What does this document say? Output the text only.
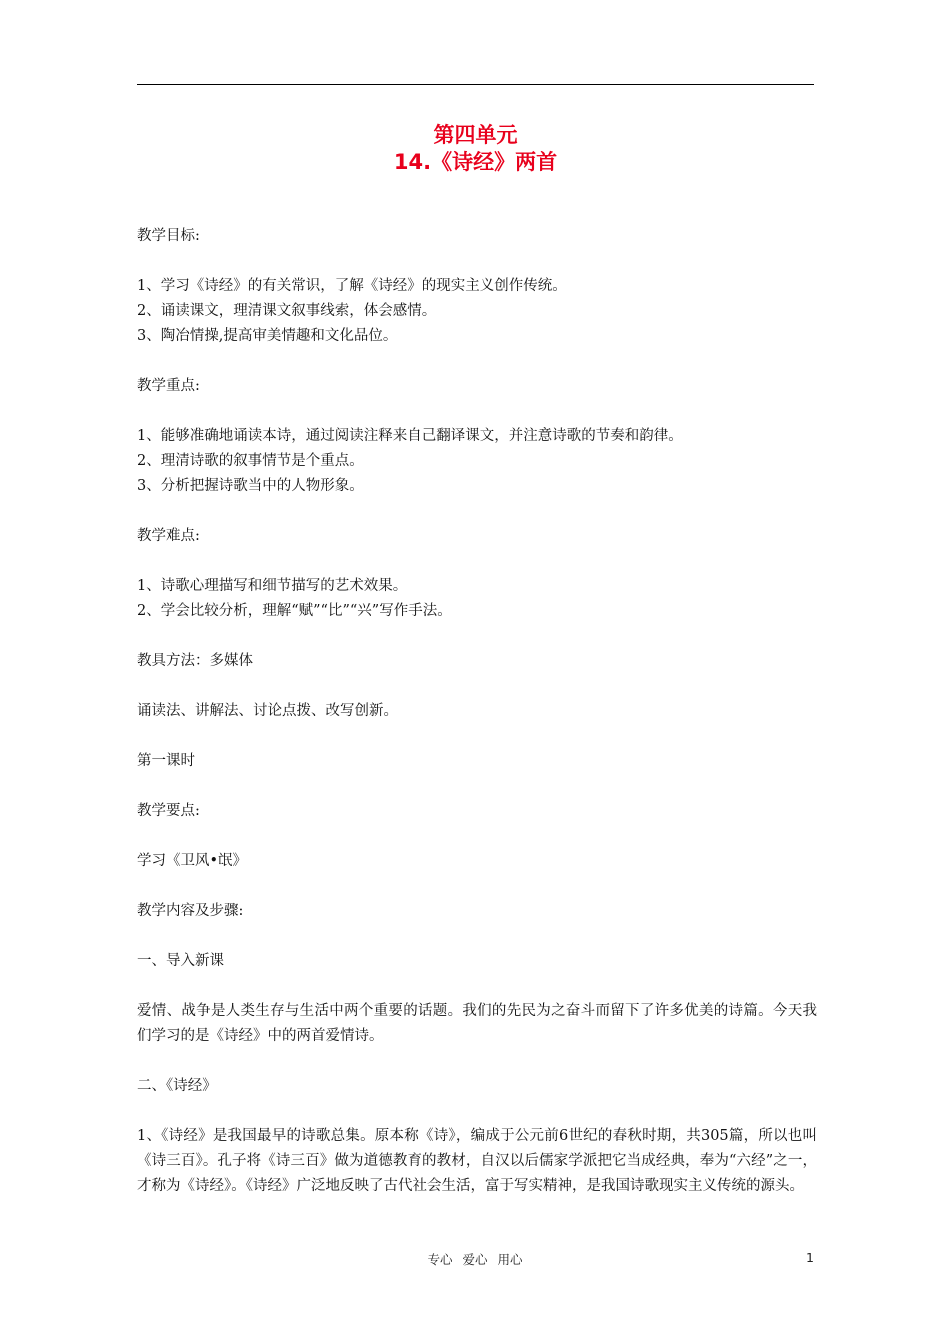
第四单元
14.《诗经》两首

教学目标:

1、学习《诗经》的有关常识，了解《诗经》的现实主义创作传统。

2、诵读课文，理清课文叙事线索，体会感情。

3、陶冶情操,提高审美情趣和文化品位。

教学重点:

1、能够准确地诵读本诗，通过阅读注释来自己翻译课文，并注意诗歌的节奏和韵律。

2、理清诗歌的叙事情节是个重点。

3、分析把握诗歌当中的人物形象。

教学难点:

1、诗歌心理描写和细节描写的艺术效果。

2、学会比较分析，理解“赋”“比”“兴”写作手法。

教具方法：多媒体

诵读法、讲解法、讨论点拨、改写创新。

第一课时

教学要点:

学习《卫风•氓》

教学内容及步骤:

一、导入新课

爱情、战争是人类生存与生活中两个重要的话题。我们的先民为之奋斗而留下了许多优美的诗篇。今天我们学习的是《诗经》中的两首爱情诗。

二、《诗经》

1、《诗经》是我国最早的诗歌总集。原本称《诗》，编成于公元前6世纪的春秋时期，共305篇，所以也叫《诗三百》。孔子将《诗三百》做为道德教育的教材，自汉以后儒家学派把它当成经典，奉为“六经”之一，才称为《诗经》。《诗经》广泛地反映了古代社会生活，富于写实精神，是我国诗歌现实主义传统的源头。

专心 爱心 用心	1
